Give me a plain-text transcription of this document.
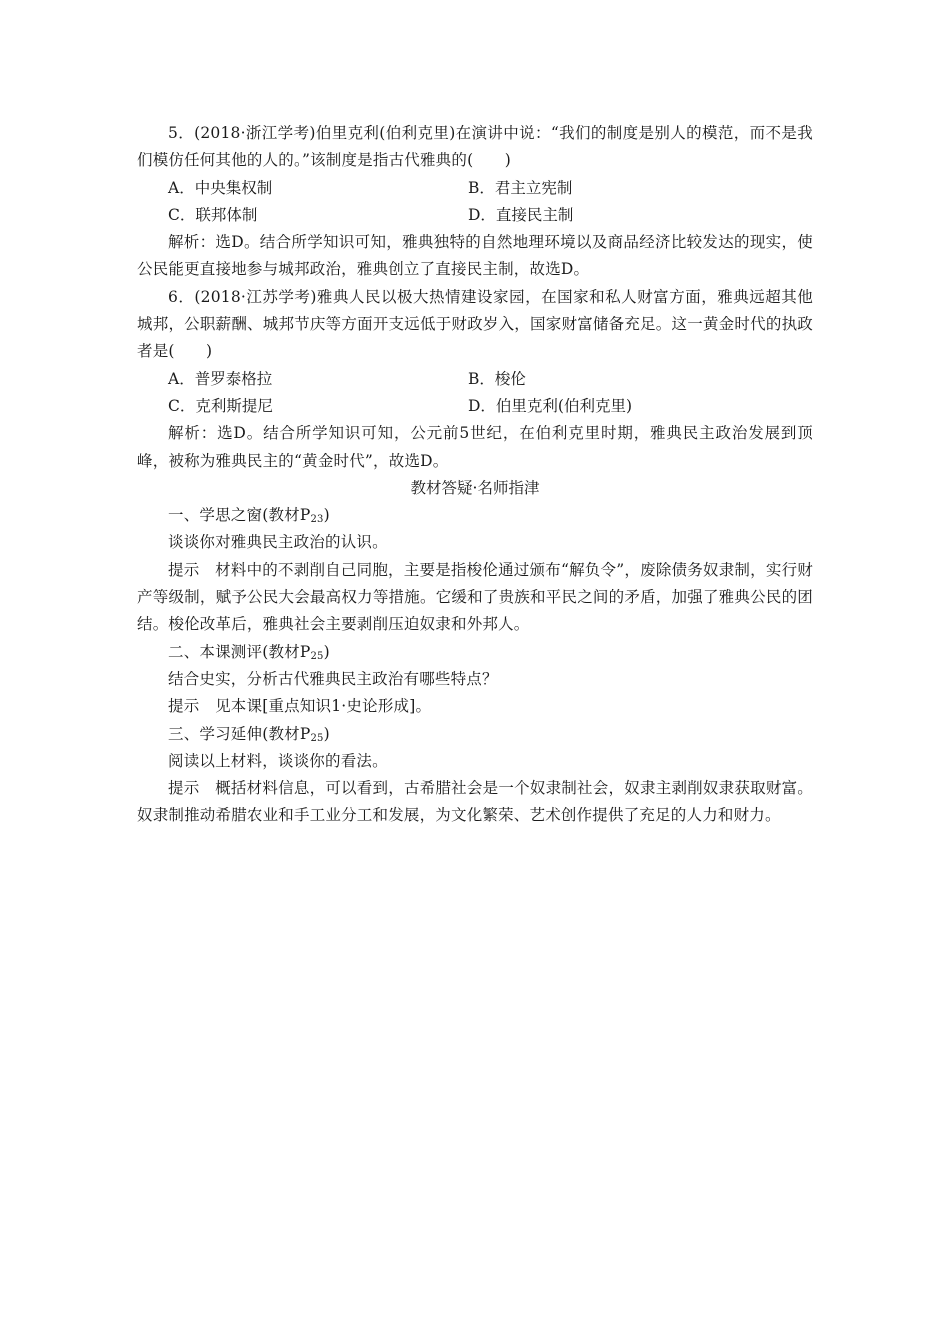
5．(2018·浙江学考)伯里克利(伯利克里)在演讲中说：“我们的制度是别人的模范，而不是我们模仿任何其他的人的。”该制度是指古代雅典的(　　)

A．中央集权制	B．君主立宪制
C．联邦体制	D．直接民主制

解析：选D。结合所学知识可知，雅典独特的自然地理环境以及商品经济比较发达的现实，使公民能更直接地参与城邦政治，雅典创立了直接民主制，故选D。

6．(2018·江苏学考)雅典人民以极大热情建设家园，在国家和私人财富方面，雅典远超其他城邦，公职薪酬、城邦节庆等方面开支远低于财政岁入，国家财富储备充足。这一黄金时代的执政者是(　　)

A．普罗泰格拉	B．梭伦
C．克利斯提尼	D．伯里克利(伯利克里)

解析：选D。结合所学知识可知，公元前5世纪，在伯利克里时期，雅典民主政治发展到顶峰，被称为雅典民主的“黄金时代”，故选D。

教材答疑·名师指津

一、学思之窗(教材$P_{23}$)

谈谈你对雅典民主政治的认识。

提示　材料中的不剥削自己同胞，主要是指梭伦通过颁布“解负令”，废除债务奴隶制，实行财产等级制，赋予公民大会最高权力等措施。它缓和了贵族和平民之间的矛盾，加强了雅典公民的团结。梭伦改革后，雅典社会主要剥削压迫奴隶和外邦人。

二、本课测评(教材$P_{25}$)

结合史实，分析古代雅典民主政治有哪些特点？

提示　见本课[重点知识1·史论形成]。

三、学习延伸(教材$P_{25}$)

阅读以上材料，谈谈你的看法。

提示　概括材料信息，可以看到，古希腊社会是一个奴隶制社会，奴隶主剥削奴隶获取财富。奴隶制推动希腊农业和手工业分工和发展，为文化繁荣、艺术创作提供了充足的人力和财力。
